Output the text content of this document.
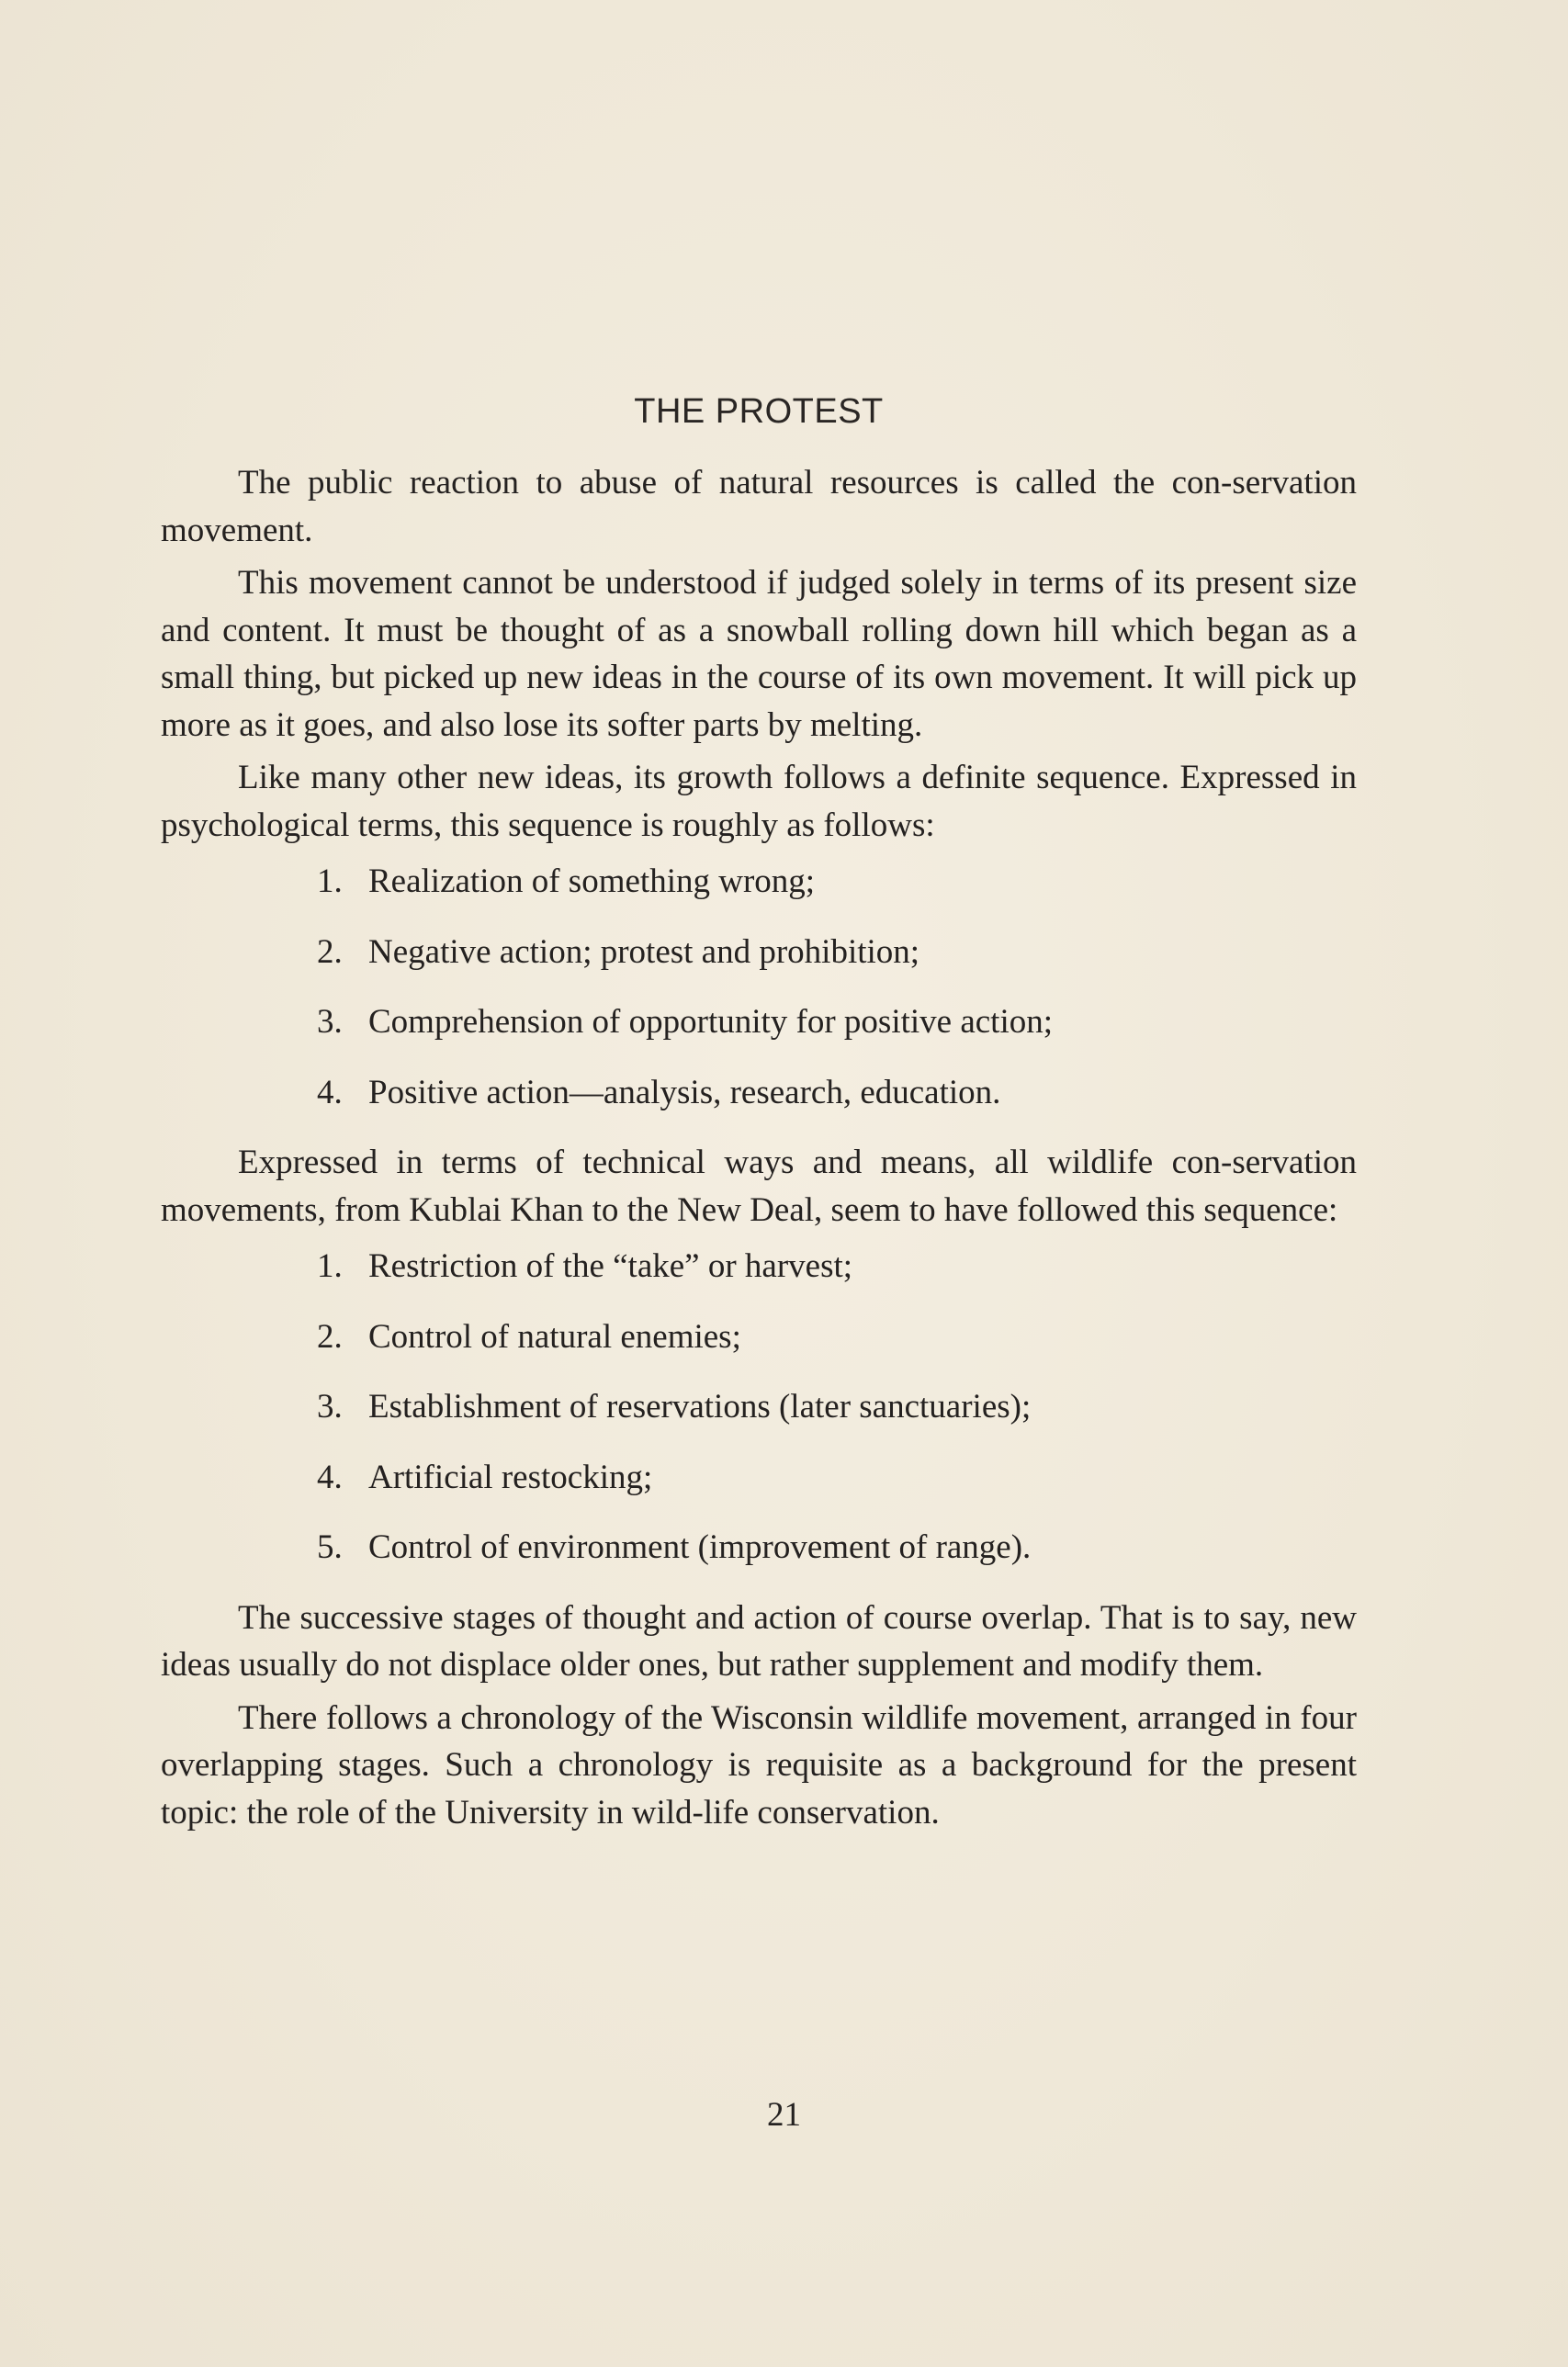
THE PROTEST

The public reaction to abuse of natural resources is called the con-servation movement.

This movement cannot be understood if judged solely in terms of its present size and content. It must be thought of as a snowball rolling down hill which began as a small thing, but picked up new ideas in the course of its own movement. It will pick up more as it goes, and also lose its softer parts by melting.

Like many other new ideas, its growth follows a definite sequence. Expressed in psychological terms, this sequence is roughly as follows:

1. Realization of something wrong;
2. Negative action; protest and prohibition;
3. Comprehension of opportunity for positive action;
4. Positive action—analysis, research, education.

Expressed in terms of technical ways and means, all wildlife con-servation movements, from Kublai Khan to the New Deal, seem to have followed this sequence:

1. Restriction of the “take” or harvest;
2. Control of natural enemies;
3. Establishment of reservations (later sanctuaries);
4. Artificial restocking;
5. Control of environment (improvement of range).

The successive stages of thought and action of course overlap. That is to say, new ideas usually do not displace older ones, but rather supplement and modify them.

There follows a chronology of the Wisconsin wildlife movement, arranged in four overlapping stages. Such a chronology is requisite as a background for the present topic: the role of the University in wild-life conservation.

21
